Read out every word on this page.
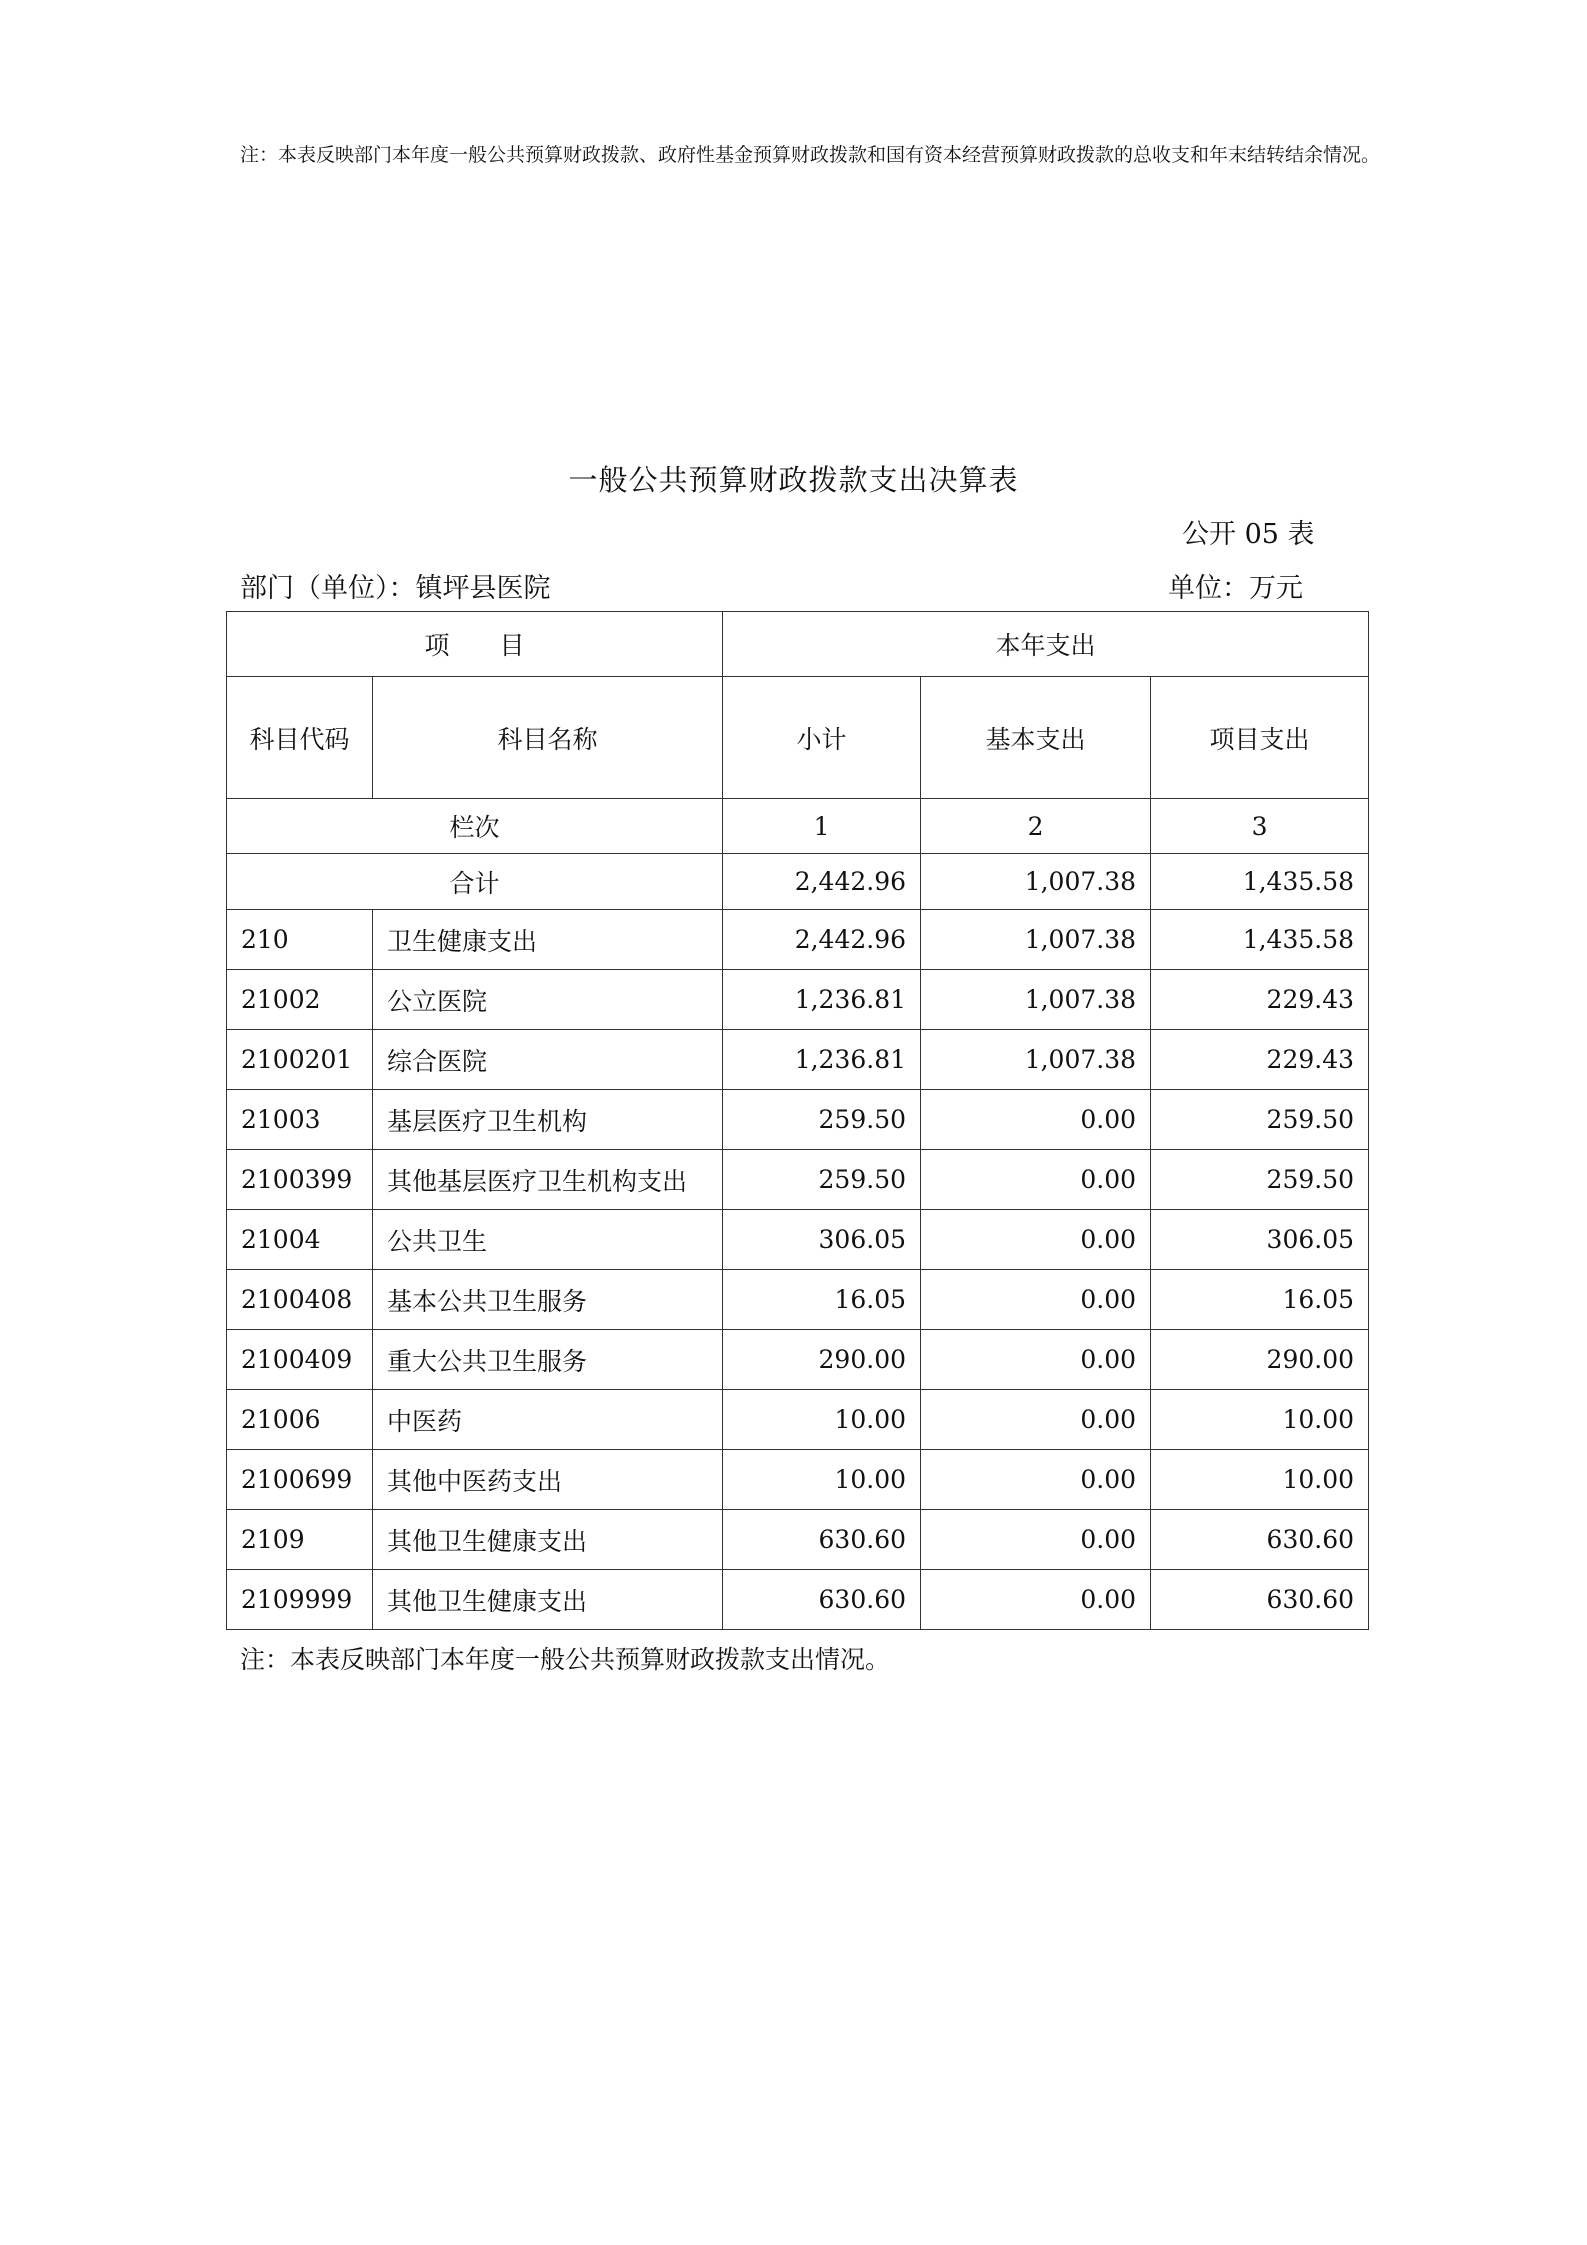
注：本表反映部门本年度一般公共预算财政拨款、政府性基金预算财政拨款和国有资本经营预算财政拨款的总收支和年末结转结余情况。
一般公共预算财政拨款支出决算表
公开 05 表
部门（单位）：镇坪县医院	单位：万元
项　　目		本年支出		
科目代码	科目名称	小计	基本支出	项目支出
栏次		1	2	3
合计		2,442.96	1,007.38	1,435.58
210	卫生健康支出	2,442.96	1,007.38	1,435.58
21002	公立医院	1,236.81	1,007.38	229.43
2100201	综合医院	1,236.81	1,007.38	229.43
21003	基层医疗卫生机构	259.50	0.00	259.50
2100399	其他基层医疗卫生机构支出	259.50	0.00	259.50
21004	公共卫生	306.05	0.00	306.05
2100408	基本公共卫生服务	16.05	0.00	16.05
2100409	重大公共卫生服务	290.00	0.00	290.00
21006	中医药	10.00	0.00	10.00
2100699	其他中医药支出	10.00	0.00	10.00
2109	其他卫生健康支出	630.60	0.00	630.60
2109999	其他卫生健康支出	630.60	0.00	630.60
注：本表反映部门本年度一般公共预算财政拨款支出情况。
